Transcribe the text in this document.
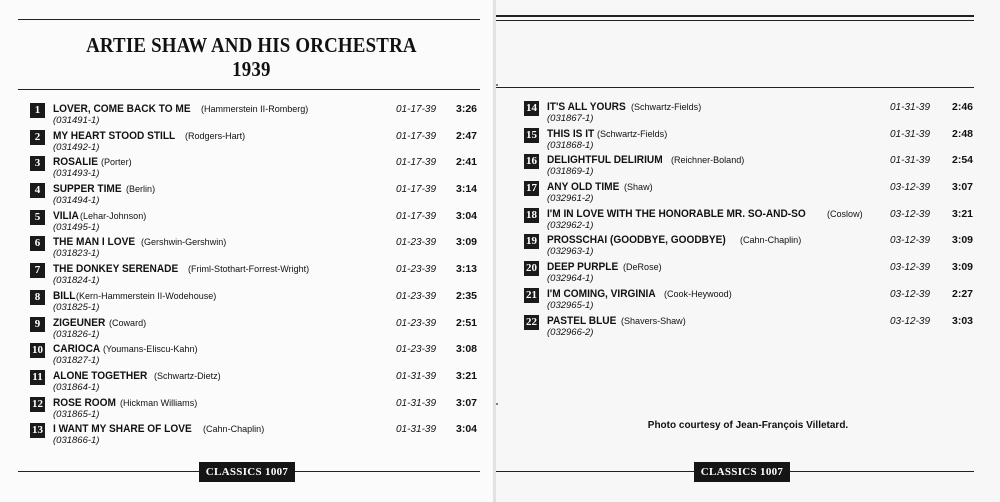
ARTIE SHAW AND HIS ORCHESTRA
1939
1	LOVER, COME BACK TO ME (Hammerstein II-Romberg)
(031491-1)
01-17-39 3:26
2	MY HEART STOOD STILL (Rodgers-Hart)
(031492-1)
01-17-39 2:47
3	ROSALIE (Porter)
(031493-1)
01-17-39 2:41
4	SUPPER TIME (Berlin)
(031494-1)
01-17-39 3:14
5	VILIA (Lehar-Johnson)
(031495-1)
01-17-39 3:04
6	THE MAN I LOVE (Gershwin-Gershwin)
(031823-1)
01-23-39 3:09
7	THE DONKEY SERENADE (Friml-Stothart-Forrest-Wright)
(031824-1)
01-23-39 3:13
8	BILL (Kern-Hammerstein II-Wodehouse)
(031825-1)
01-23-39 2:35
9	ZIGEUNER (Coward)
(031826-1)
01-23-39 2:51
10 CARIOCA (Youmans-Eliscu-Kahn)
(031827-1)
01-23-39 3:08
11 ALONE TOGETHER (Schwartz-Dietz)
(031864-1)
01-31-39 3:21
12 ROSE ROOM (Hickman Williams)
(031865-1)
01-31-39 3:07
13 I WANT MY SHARE OF LOVE (Cahn-Chaplin)
(031866-1)
01-31-39 3:04
CLASSICS 1007
14 IT'S ALL YOURS (Schwartz-Fields)
(031867-1)
01-31-39 2:46
15 THIS IS IT (Schwartz-Fields)
(031868-1)
01-31-39 2:48
16 DELIGHTFUL DELIRIUM (Reichner-Boland)
(031869-1)
01-31-39 2:54
17 ANY OLD TIME (Shaw)
(032961-2)
03-12-39 3:07
18 I'M IN LOVE WITH THE HONORABLE MR. SO-AND-SO (Coslow)
(032962-1)
03-12-39 3:21
19 PROSSCHAI (GOODBYE, GOODBYE) (Cahn-Chaplin)
(032963-1)
03-12-39 3:09
20 DEEP PURPLE (DeRose)
(032964-1)
03-12-39 3:09
21 I'M COMING, VIRGINIA (Cook-Heywood)
(032965-1)
03-12-39 2:27
22 PASTEL BLUE (Shavers-Shaw)
(032966-2)
03-12-39 3:03
Photo courtesy of Jean-François Villetard.
CLASSICS 1007
